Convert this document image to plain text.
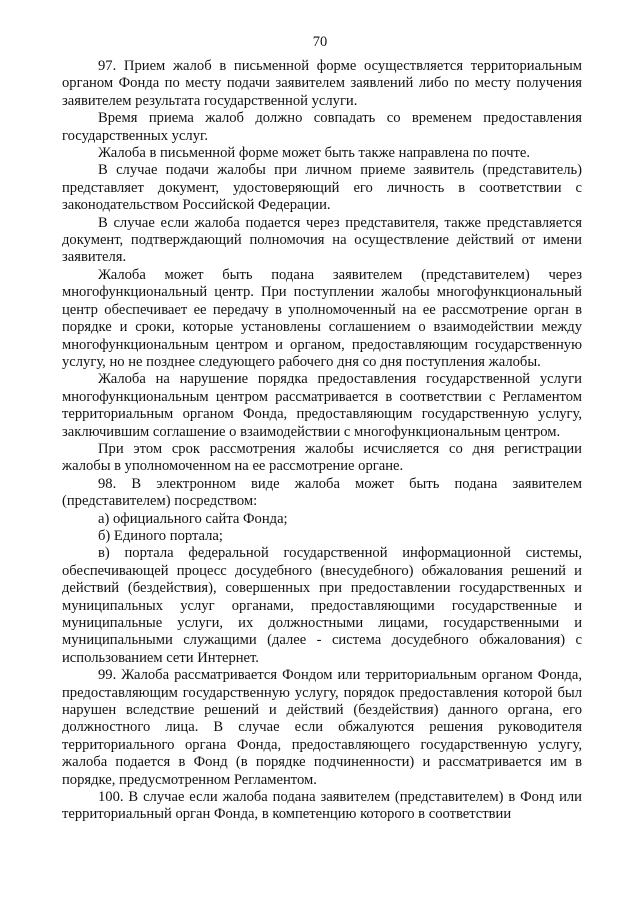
70

97. Прием жалоб в письменной форме осуществляется территориальным органом Фонда по месту подачи заявителем заявлений либо по месту получения заявителем результата государственной услуги.

Время приема жалоб должно совпадать со временем предоставления государственных услуг.

Жалоба в письменной форме может быть также направлена по почте.

В случае подачи жалобы при личном приеме заявитель (представитель) представляет документ, удостоверяющий его личность в соответствии с законодательством Российской Федерации.

В случае если жалоба подается через представителя, также представляется документ, подтверждающий полномочия на осуществление действий от имени заявителя.

Жалоба может быть подана заявителем (представителем) через многофункциональный центр. При поступлении жалобы многофункциональный центр обеспечивает ее передачу в уполномоченный на ее рассмотрение орган в порядке и сроки, которые установлены соглашением о взаимодействии между многофункциональным центром и органом, предоставляющим государственную услугу, но не позднее следующего рабочего дня со дня поступления жалобы.

Жалоба на нарушение порядка предоставления государственной услуги многофункциональным центром рассматривается в соответствии с Регламентом территориальным органом Фонда, предоставляющим государственную услугу, заключившим соглашение о взаимодействии с многофункциональным центром.

При этом срок рассмотрения жалобы исчисляется со дня регистрации жалобы в уполномоченном на ее рассмотрение органе.

98. В электронном виде жалоба может быть подана заявителем (представителем) посредством:

а) официального сайта Фонда;

б) Единого портала;

в) портала федеральной государственной информационной системы, обеспечивающей процесс досудебного (внесудебного) обжалования решений и действий (бездействия), совершенных при предоставлении государственных и муниципальных услуг органами, предоставляющими государственные и муниципальные услуги, их должностными лицами, государственными и муниципальными служащими (далее - система досудебного обжалования) с использованием сети Интернет.

99. Жалоба рассматривается Фондом или территориальным органом Фонда, предоставляющим государственную услугу, порядок предоставления которой был нарушен вследствие решений и действий (бездействия) данного органа, его должностного лица. В случае если обжалуются решения руководителя территориального органа Фонда, предоставляющего государственную услугу, жалоба подается в Фонд (в порядке подчиненности) и рассматривается им в порядке, предусмотренном Регламентом.

100. В случае если жалоба подана заявителем (представителем) в Фонд или территориальный орган Фонда, в компетенцию которого в соответствии
